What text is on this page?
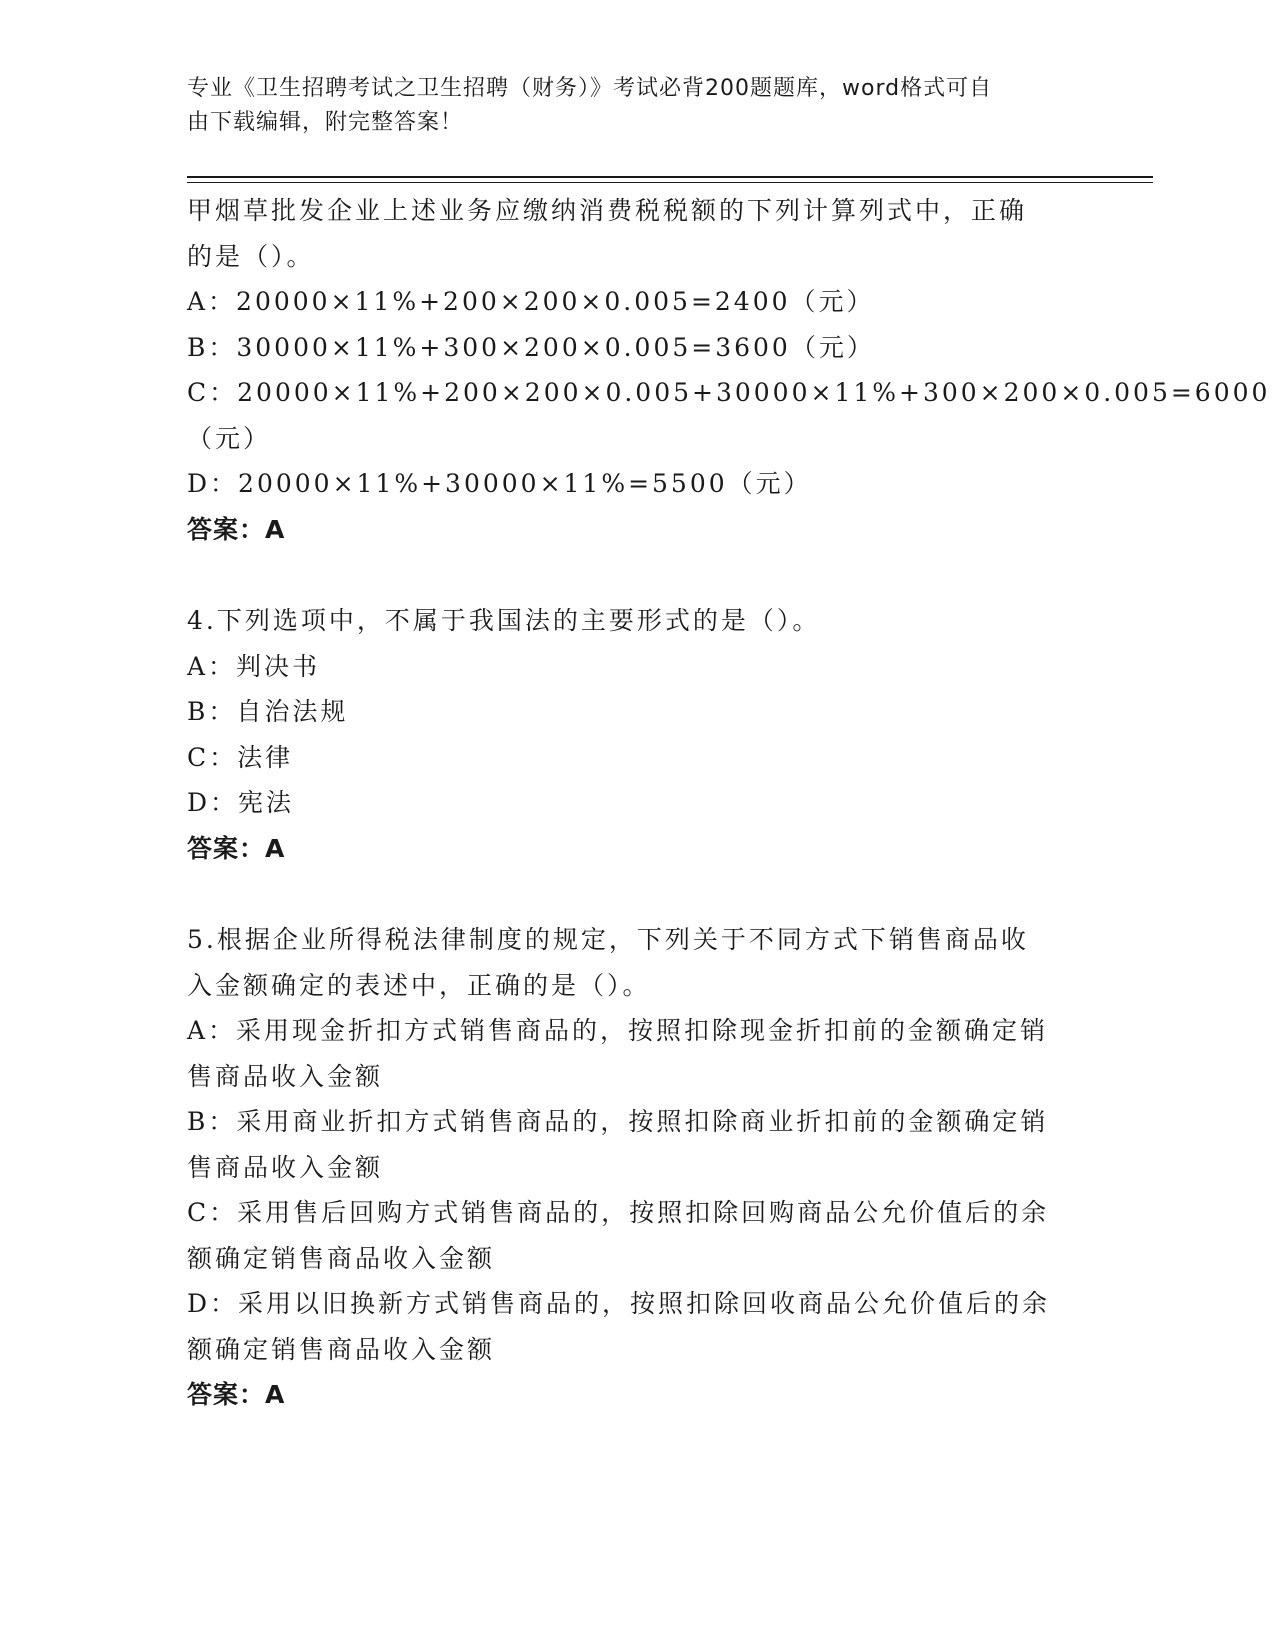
专业《卫生招聘考试之卫生招聘（财务）》考试必背200题题库，word格式可自
由下载编辑，附完整答案！
甲烟草批发企业上述业务应缴纳消费税税额的下列计算列式中，正确
的是（）。
A：20000×11%+200×200×0.005=2400（元）
B：30000×11%+300×200×0.005=3600（元）
C：20000×11%+200×200×0.005+30000×11%+300×200×0.005=6000
（元）
D：20000×11%+30000×11%=5500（元）
答案：A
4.下列选项中，不属于我国法的主要形式的是（）。
A：判决书
B：自治法规
C：法律
D：宪法
答案：A
5.根据企业所得税法律制度的规定，下列关于不同方式下销售商品收
入金额确定的表述中，正确的是（）。
A：采用现金折扣方式销售商品的，按照扣除现金折扣前的金额确定销
售商品收入金额
B：采用商业折扣方式销售商品的，按照扣除商业折扣前的金额确定销
售商品收入金额
C：采用售后回购方式销售商品的，按照扣除回购商品公允价值后的余
额确定销售商品收入金额
D：采用以旧换新方式销售商品的，按照扣除回收商品公允价值后的余
额确定销售商品收入金额
答案：A
